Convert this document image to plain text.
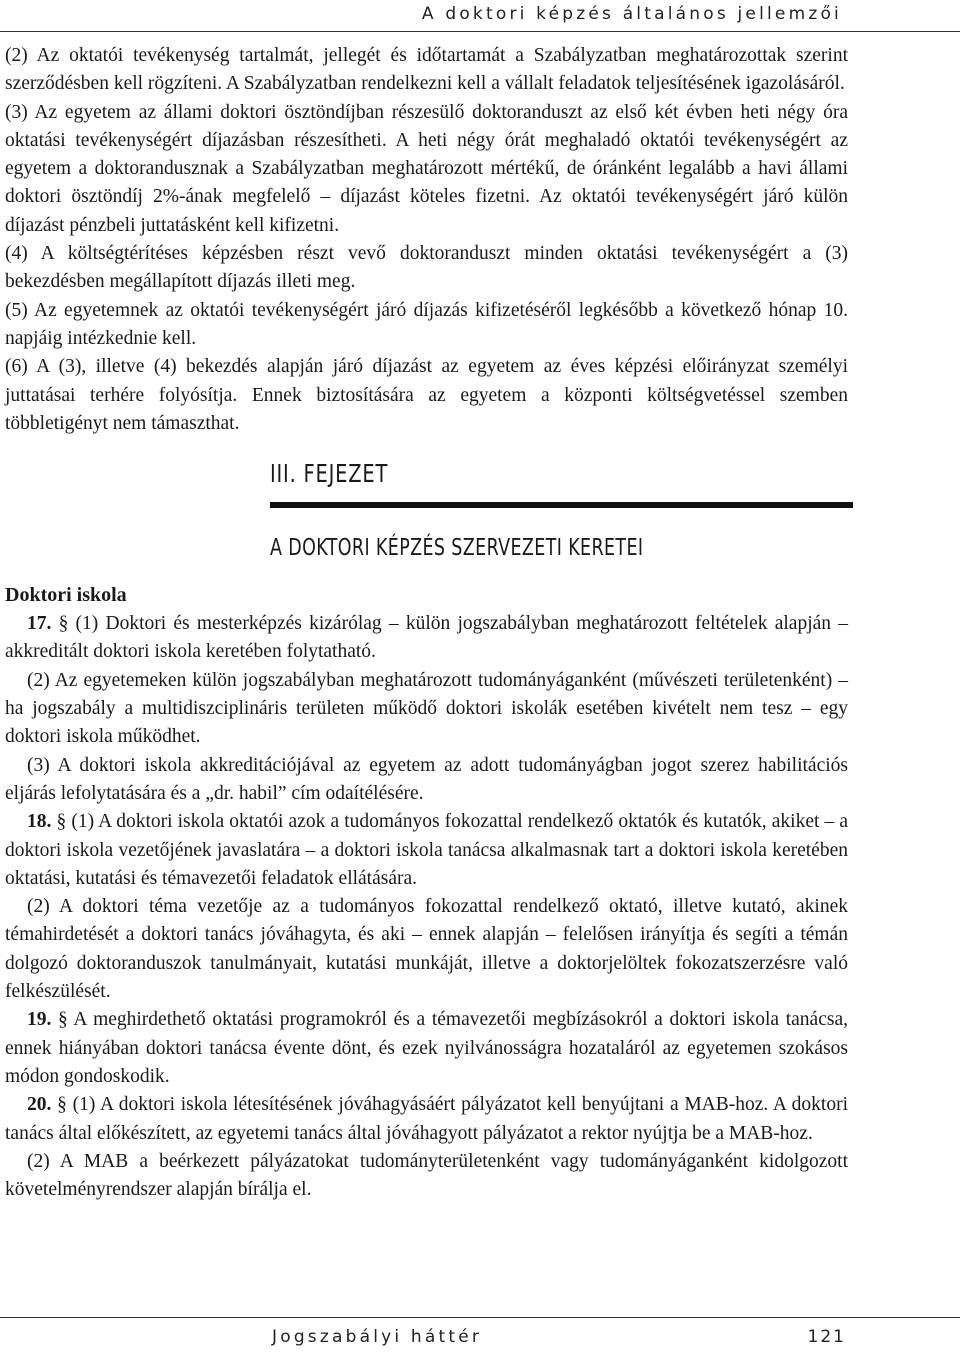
A doktori képzés általános jellemzői

(2) Az oktatói tevékenység tartalmát, jellegét és időtartamát a Szabályzatban meghatározottak szerint szerződésben kell rögzíteni. A Szabályzatban rendelkezni kell a vállalt feladatok teljesítésének igazolásáról.

(3) Az egyetem az állami doktori ösztöndíjban részesülő doktoranduszt az első két évben heti négy óra oktatási tevékenységért díjazásban részesítheti. A heti négy órát meghaladó oktatói tevékenységért az egyetem a doktorandusznak a Szabályzatban meghatározott mértékű, de óránként legalább a havi állami doktori ösztöndíj 2%-ának megfelelő – díjazást köteles fizetni. Az oktatói tevékenységért járó külön díjazást pénzbeli juttatásként kell kifizetni.

(4) A költségtérítéses képzésben részt vevő doktoranduszt minden oktatási tevékenységért a (3) bekezdésben megállapított díjazás illeti meg.

(5) Az egyetemnek az oktatói tevékenységért járó díjazás kifizetéséről legkésőbb a következő hónap 10. napjáig intézkednie kell.

(6) A (3), illetve (4) bekezdés alapján járó díjazást az egyetem az éves képzési előirányzat személyi juttatásai terhére folyósítja. Ennek biztosítására az egyetem a központi költségvetéssel szemben többletigényt nem támaszthat.

III. FEJEZET
A DOKTORI KÉPZÉS SZERVEZETI KERETEI
Doktori iskola

17. § (1) Doktori és mesterképzés kizárólag – külön jogszabályban meghatározott feltételek alapján – akkreditált doktori iskola keretében folytatható.

(2) Az egyetemeken külön jogszabályban meghatározott tudományáganként (művészeti területenként) – ha jogszabály a multidiszciplináris területen működő doktori iskolák esetében kivételt nem tesz – egy doktori iskola működhet.

(3) A doktori iskola akkreditációjával az egyetem az adott tudományágban jogot szerez habilitációs eljárás lefolytatására és a „dr. habil” cím odaítélésére.

18. § (1) A doktori iskola oktatói azok a tudományos fokozattal rendelkező oktatók és kutatók, akiket – a doktori iskola vezetőjének javaslatára – a doktori iskola tanácsa alkalmasnak tart a doktori iskola keretében oktatási, kutatási és témavezetői feladatok ellátására.

(2) A doktori téma vezetője az a tudományos fokozattal rendelkező oktató, illetve kutató, akinek témahirdetését a doktori tanács jóváhagyta, és aki – ennek alapján – felelősen irányítja és segíti a témán dolgozó doktoranduszok tanulmányait, kutatási munkáját, illetve a doktorjelöltek fokozatszerzésre való felkészülését.

19. § A meghirdethető oktatási programokról és a témavezetői megbízásokról a doktori iskola tanácsa, ennek hiányában doktori tanácsa évente dönt, és ezek nyilvánosságra hozataláról az egyetemen szokásos módon gondoskodik.

20. § (1) A doktori iskola létesítésének jóváhagyásáért pályázatot kell benyújtani a MAB-hoz. A doktori tanács által előkészített, az egyetemi tanács által jóváhagyott pályázatot a rektor nyújtja be a MAB-hoz.

(2) A MAB a beérkezett pályázatokat tudományterületenként vagy tudományáganként kidolgozott követelményrendszer alapján bírálja el.

Jogszabályi háttér	121
